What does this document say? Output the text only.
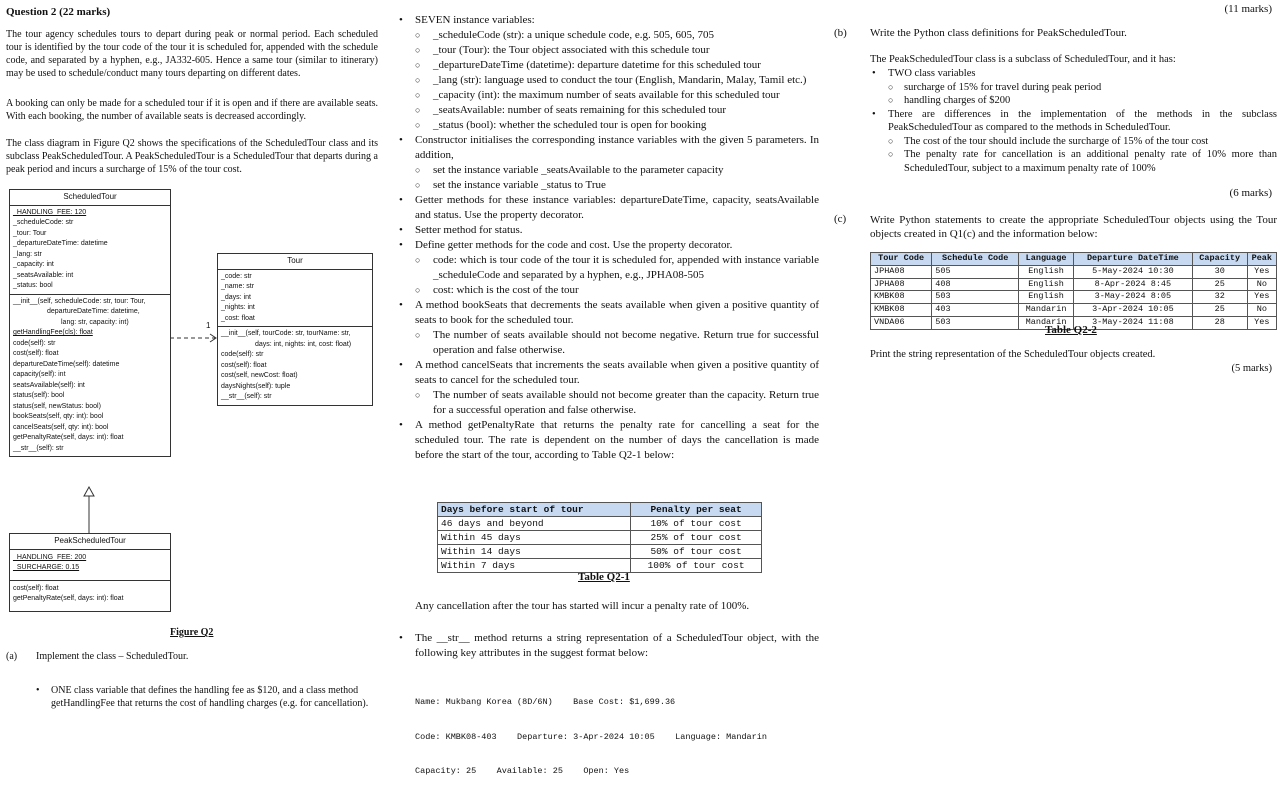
Question 2 (22 marks)
The tour agency schedules tours to depart during peak or normal period. Each scheduled tour is identified by the tour code of the tour it is scheduled for, appended with the schedule code, and separated by a hyphen, e.g., JA332-605. Hence a same tour (similar to itinerary) may be used to schedule/conduct many tours departing on different dates.
A booking can only be made for a scheduled tour if it is open and if there are available seats. With each booking, the number of available seats is decreased accordingly.
The class diagram in Figure Q2 shows the specifications of the ScheduledTour class and its subclass PeakScheduledTour. A PeakScheduledTour is a ScheduledTour that departs during a peak period and incurs a surcharge of 15% of the tour cost.
ScheduledTour
_HANDLING_FEE: 120
_scheduleCode: str
_tour: Tour
_departureDateTime: datetime
_lang: str
_capacity: int
_seatsAvailable: int
_status: bool
__init__(self, scheduleCode: str, tour: Tour,
departureDateTime: datetime,
lang: str, capacity: int)
getHandlingFee(cls): float
code(self): str
cost(self): float
departureDateTime(self): datetime
capacity(self): int
seatsAvailable(self): int
status(self): bool
status(self, newStatus: bool)
bookSeats(self, qty: int): bool
cancelSeats(self, qty: int): bool
getPenaltyRate(self, days: int): float
__str__(self): str
Tour
_code: str
_name: str
_days: int
_nights: int
_cost: float
__init__(self, tourCode: str, tourName: str,
days: int, nights: int, cost: float)
code(self): str
cost(self): float
cost(self, newCost: float)
daysNights(self): tuple
__str__(self): str
1
PeakScheduledTour
_HANDLING_FEE: 200
_SURCHARGE: 0.15
cost(self): float
getPenaltyRate(self, days: int): float
Figure Q2
(a) Implement the class – ScheduledTour.
• ONE class variable that defines the handling fee as $120, and a class method getHandlingFee that returns the cost of handling charges (e.g. for cancellation).
• SEVEN instance variables:
○ _scheduleCode (str): a unique schedule code, e.g. 505, 605, 705
○ _tour (Tour): the Tour object associated with this schedule tour
○ _departureDateTime (datetime): departure datetime for this scheduled tour
○ _lang (str): language used to conduct the tour (English, Mandarin, Malay, Tamil etc.)
○ _capacity (int): the maximum number of seats available for this scheduled tour
○ _seatsAvailable: number of seats remaining for this scheduled tour
○ _status (bool): whether the scheduled tour is open for booking
• Constructor initialises the corresponding instance variables with the given 5 parameters. In addition,
○ set the instance variable _seatsAvailable to the parameter capacity
○ set the instance variable _status to True
• Getter methods for these instance variables: departureDateTime, capacity, seatsAvailable and status. Use the property decorator.
• Setter method for status.
• Define getter methods for the code and cost. Use the property decorator.
○ code: which is tour code of the tour it is scheduled for, appended with instance variable _scheduleCode and separated by a hyphen, e.g., JPHA08-505
○ cost: which is the cost of the tour
• A method bookSeats that decrements the seats available when given a positive quantity of seats to book for the scheduled tour.
○ The number of seats available should not become negative. Return true for successful operation and false otherwise.
• A method cancelSeats that increments the seats available when given a positive quantity of seats to cancel for the scheduled tour.
○ The number of seats available should not become greater than the capacity. Return true for a successful operation and false otherwise.
• A method getPenaltyRate that returns the penalty rate for cancelling a seat for the scheduled tour. The rate is dependent on the number of days the cancellation is made before the start of the tour, according to Table Q2-1 below:
Days before start of tour	Penalty per seat
46 days and beyond	10% of tour cost
Within 45 days	25% of tour cost
Within 14 days	50% of tour cost
Within 7 days	100% of tour cost
Table Q2-1
Any cancellation after the tour has started will incur a penalty rate of 100%.
• The __str__ method returns a string representation of a ScheduledTour object, with the following key attributes in the suggest format below:

Name: Mukbang Korea (8D/6N)    Base Cost: $1,699.36

Code: KMBK08-403    Departure: 3-Apr-2024 10:05    Language: Mandarin

Capacity: 25    Available: 25    Open: Yes

(11 marks)
(b) Write the Python class definitions for PeakScheduledTour.
The PeakScheduledTour class is a subclass of ScheduledTour, and it has:
• TWO class variables
○ surcharge of 15% for travel during peak period
○ handling charges of $200
• There are differences in the implementation of the methods in the subclass PeakScheduledTour as compared to the methods in ScheduledTour.
○ The cost of the tour should include the surcharge of 15% of the tour cost
○ The penalty rate for cancellation is an additional penalty rate of 10% more than ScheduledTour, subject to a maximum penalty rate of 100%
(6 marks)
(c) Write Python statements to create the appropriate ScheduledTour objects using the Tour objects created in Q1(c) and the information below:
Tour Code	Schedule Code	Language	Departure DateTime	Capacity	Peak
JPHA08	505	English	5-May-2024 10:30	30	Yes
JPHA08	408	English	8-Apr-2024 8:45	25	No
KMBK08	503	English	3-May-2024 8:05	32	Yes
KMBK08	403	Mandarin	3-Apr-2024 10:05	25	No
VNDA06	503	Mandarin	3-May-2024 11:08	28	Yes
Table Q2-2
Print the string representation of the ScheduledTour objects created.
(5 marks)
